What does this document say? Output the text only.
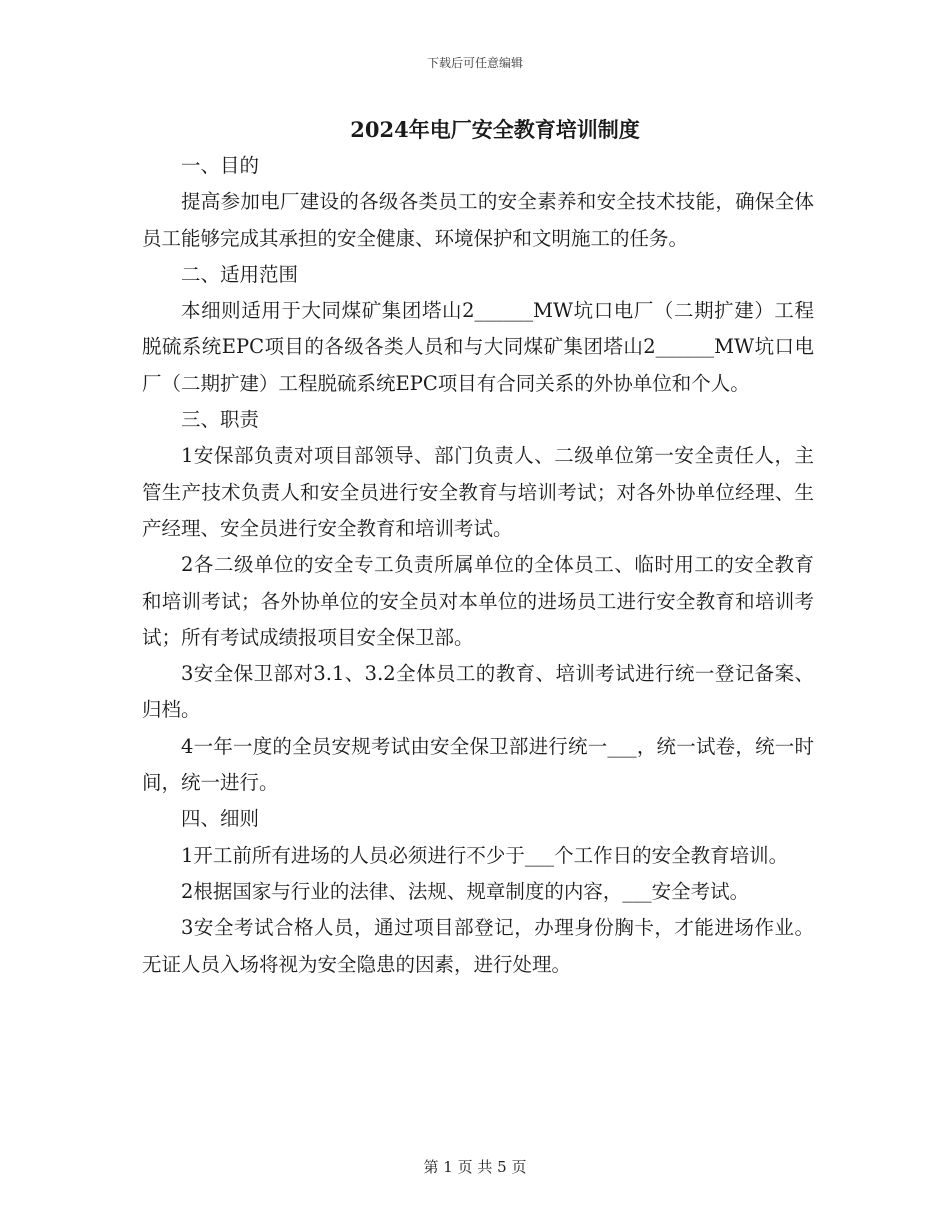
下载后可任意编辑
2024年电厂安全教育培训制度

一、目的

提高参加电厂建设的各级各类员工的安全素养和安全技术技能，确保全体员工能够完成其承担的安全健康、环境保护和文明施工的任务。

二、适用范围

本细则适用于大同煤矿集团塔山2______MW坑口电厂（二期扩建）工程脱硫系统EPC项目的各级各类人员和与大同煤矿集团塔山2______MW坑口电厂（二期扩建）工程脱硫系统EPC项目有合同关系的外协单位和个人。

三、职责

1安保部负责对项目部领导、部门负责人、二级单位第一安全责任人，主管生产技术负责人和安全员进行安全教育与培训考试；对各外协单位经理、生产经理、安全员进行安全教育和培训考试。

2各二级单位的安全专工负责所属单位的全体员工、临时用工的安全教育和培训考试；各外协单位的安全员对本单位的进场员工进行安全教育和培训考试；所有考试成绩报项目安全保卫部。

3安全保卫部对3.1、3.2全体员工的教育、培训考试进行统一登记备案、归档。

4一年一度的全员安规考试由安全保卫部进行统一___，统一试卷，统一时间，统一进行。

四、细则

1开工前所有进场的人员必须进行不少于___个工作日的安全教育培训。

2根据国家与行业的法律、法规、规章制度的内容，___安全考试。

3安全考试合格人员，通过项目部登记，办理身份胸卡，才能进场作业。无证人员入场将视为安全隐患的因素，进行处理。

第 1 页 共 5 页
